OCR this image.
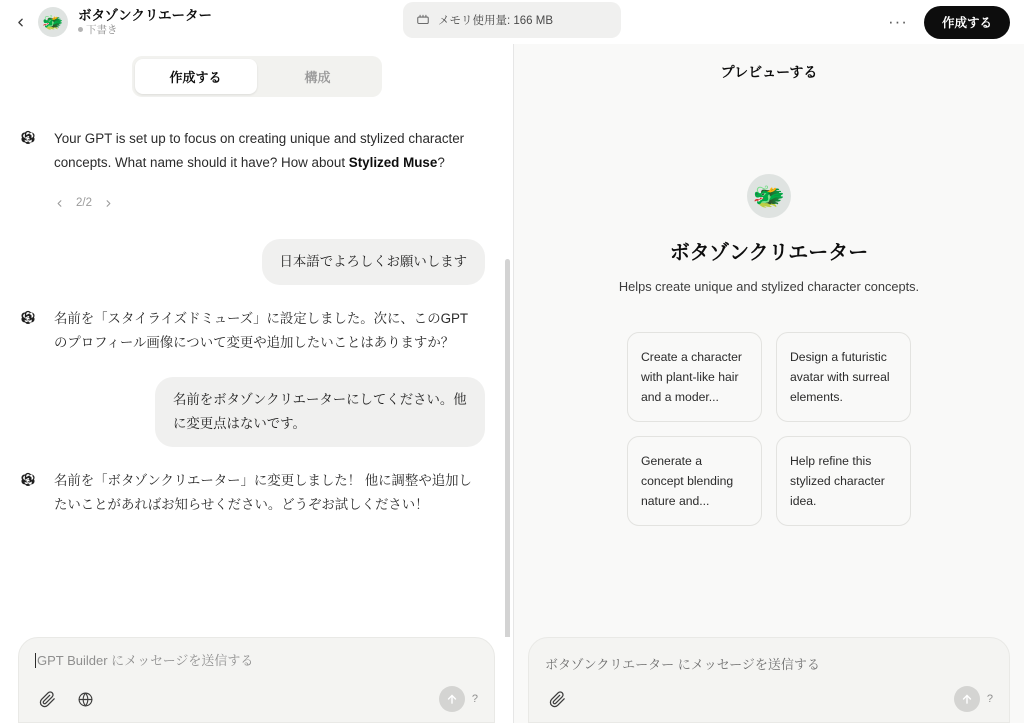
🐲 ボタゾンクリエーター
下書き
メモリ使用量: 166 MB	···	作成する
作成する	構成
Your GPT is set up to focus on creating unique and stylized character concepts. What name should it have? How about Stylized Muse?
2/2
日本語でよろしくお願いします
名前を「スタイライズドミューズ」に設定しました。次に、このGPTのプロフィール画像について変更や追加したいことはありますか？
名前をボタゾンクリエーターにしてください。他に変更点はないです。
名前を「ボタゾンクリエーター」に変更しました！ 他に調整や追加したいことがあればお知らせください。どうぞお試しください！
GPT Builder にメッセージを送信する
?
プレビューする
🐲
ボタゾンクリエーター
Helps create unique and stylized character concepts.
Create a character with plant-like hair and a moder...
Design a futuristic avatar with surreal elements.
Generate a concept blending nature and...
Help refine this stylized character idea.
ボタゾンクリエーター にメッセージを送信する
?
